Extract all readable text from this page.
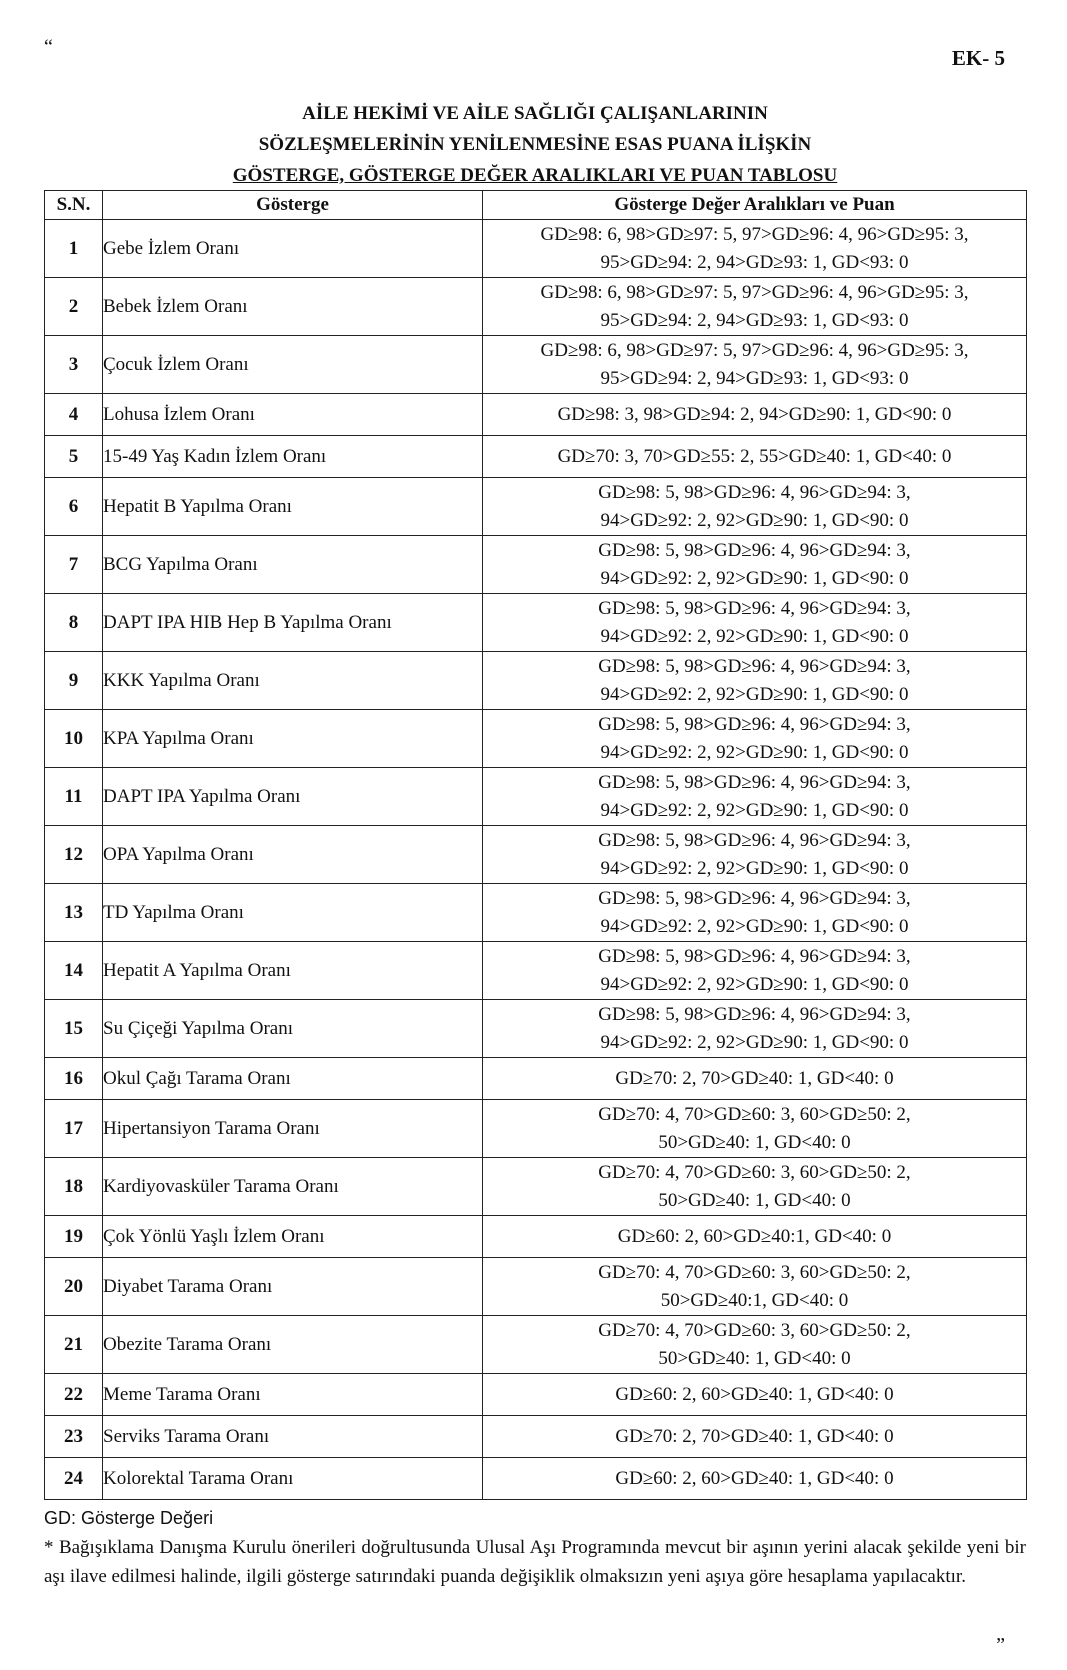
“	EK- 5
AİLE HEKİMİ VE AİLE SAĞLIĞI ÇALIŞANLARININ
SÖZLEŞMELERİNİN YENİLENMESİNE ESAS PUANA İLİŞKİN
GÖSTERGE, GÖSTERGE DEĞER ARALIKLARI VE PUAN TABLOSU
S.N.	Gösterge	Gösterge Değer Aralıkları ve Puan
1	Gebe İzlem Oranı	GD≥98: 6, 98>GD≥97: 5, 97>GD≥96: 4, 96>GD≥95: 3,
95>GD≥94: 2, 94>GD≥93: 1, GD<93: 0

2	Bebek İzlem Oranı	GD≥98: 6, 98>GD≥97: 5, 97>GD≥96: 4, 96>GD≥95: 3,
95>GD≥94: 2, 94>GD≥93: 1, GD<93: 0

3	Çocuk İzlem Oranı	GD≥98: 6, 98>GD≥97: 5, 97>GD≥96: 4, 96>GD≥95: 3,
95>GD≥94: 2, 94>GD≥93: 1, GD<93: 0

4	Lohusa İzlem Oranı	GD≥98: 3, 98>GD≥94: 2, 94>GD≥90: 1, GD<90: 0

5	15-49 Yaş Kadın İzlem Oranı	GD≥70: 3, 70>GD≥55: 2, 55>GD≥40: 1, GD<40: 0

6	Hepatit B Yapılma Oranı	GD≥98: 5, 98>GD≥96: 4, 96>GD≥94: 3,
94>GD≥92: 2, 92>GD≥90: 1, GD<90: 0

7	BCG Yapılma Oranı	GD≥98: 5, 98>GD≥96: 4, 96>GD≥94: 3,
94>GD≥92: 2, 92>GD≥90: 1, GD<90: 0

8	DAPT IPA HIB Hep B Yapılma Oranı	GD≥98: 5, 98>GD≥96: 4, 96>GD≥94: 3,
94>GD≥92: 2, 92>GD≥90: 1, GD<90: 0

9	KKK Yapılma Oranı	GD≥98: 5, 98>GD≥96: 4, 96>GD≥94: 3,
94>GD≥92: 2, 92>GD≥90: 1, GD<90: 0

10	KPA Yapılma Oranı	GD≥98: 5, 98>GD≥96: 4, 96>GD≥94: 3,
94>GD≥92: 2, 92>GD≥90: 1, GD<90: 0

11	DAPT IPA Yapılma Oranı	GD≥98: 5, 98>GD≥96: 4, 96>GD≥94: 3,
94>GD≥92: 2, 92>GD≥90: 1, GD<90: 0

12	OPA Yapılma Oranı	GD≥98: 5, 98>GD≥96: 4, 96>GD≥94: 3,
94>GD≥92: 2, 92>GD≥90: 1, GD<90: 0

13	TD Yapılma Oranı	GD≥98: 5, 98>GD≥96: 4, 96>GD≥94: 3,
94>GD≥92: 2, 92>GD≥90: 1, GD<90: 0

14	Hepatit A Yapılma Oranı	GD≥98: 5, 98>GD≥96: 4, 96>GD≥94: 3,
94>GD≥92: 2, 92>GD≥90: 1, GD<90: 0

15	Su Çiçeği Yapılma Oranı	GD≥98: 5, 98>GD≥96: 4, 96>GD≥94: 3,
94>GD≥92: 2, 92>GD≥90: 1, GD<90: 0

16	Okul Çağı Tarama Oranı	GD≥70: 2, 70>GD≥40: 1, GD<40: 0

17	Hipertansiyon Tarama Oranı	GD≥70: 4, 70>GD≥60: 3, 60>GD≥50: 2,
50>GD≥40: 1, GD<40: 0

18	Kardiyovasküler Tarama Oranı	GD≥70: 4, 70>GD≥60: 3, 60>GD≥50: 2,
50>GD≥40: 1, GD<40: 0

19	Çok Yönlü Yaşlı İzlem Oranı	GD≥60: 2, 60>GD≥40:1, GD<40: 0

20	Diyabet Tarama Oranı	GD≥70: 4, 70>GD≥60: 3, 60>GD≥50: 2,
50>GD≥40:1, GD<40: 0

21	Obezite Tarama Oranı	GD≥70: 4, 70>GD≥60: 3, 60>GD≥50: 2,
50>GD≥40: 1, GD<40: 0

22	Meme Tarama Oranı	GD≥60: 2, 60>GD≥40: 1, GD<40: 0

23	Serviks Tarama Oranı	GD≥70: 2, 70>GD≥40: 1, GD<40: 0

24	Kolorektal Tarama Oranı	GD≥60: 2, 60>GD≥40: 1, GD<40: 0
GD: Gösterge Değeri
* Bağışıklama Danışma Kurulu önerileri doğrultusunda Ulusal Aşı Programında mevcut bir aşının yerini alacak şekilde yeni bir aşı ilave edilmesi halinde, ilgili gösterge satırındaki puanda değişiklik olmaksızın yeni aşıya göre hesaplama yapılacaktır.
”
